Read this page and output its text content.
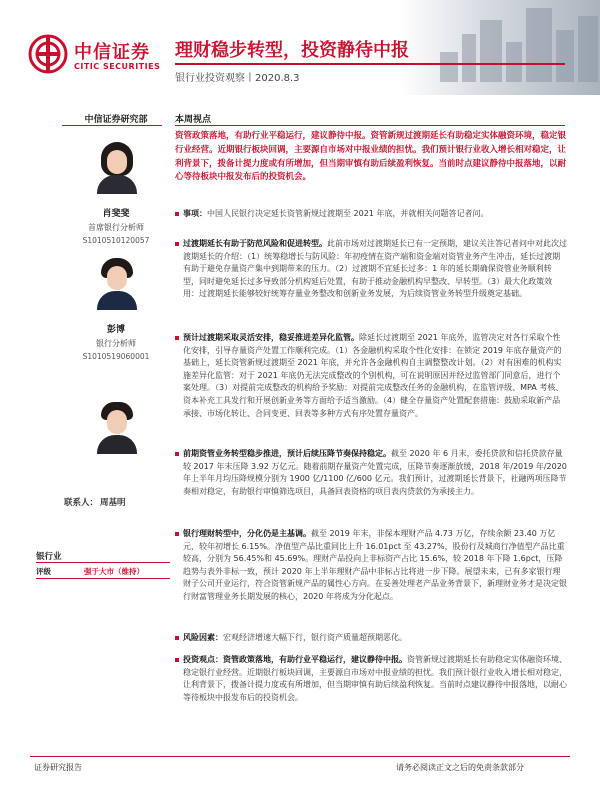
中信证券
CITIC SECURITIES
理财稳步转型，投资静待中报
银行业投资观察丨2020.8.3
中信证券研究部	本周视点
肖斐斐
首席银行分析师
S1010510120057
彭博
银行分析师
S1010519060001
联系人： 周基明
银行业
评级	强于大市（维持）
资管政策落地，有助行业平稳运行，建议静待中报。资管新规过渡期延长有助稳定实体融资环境，稳定银行业经营。近期银行板块回调，主要源自市场对中报业绩的担忧。我们预计银行业收入增长相对稳定，让利背景下，拨备计提力度或有所增加，但当期审慎有助后续盈利恢复。当前时点建议静待中报落地，以耐心等待板块中报发布后的投资机会。
事项：中国人民银行决定延长资管新规过渡期至 2021 年底，并就相关问题答记者问。
过渡期延长有助于防范风险和促进转型。此前市场对过渡期延长已有一定预期，建议关注答记者问中对此次过渡期延长的介绍：（1）统筹稳增长与防风险：年初疫情在资产端和资金端对资管业务产生冲击，延长过渡期有助于避免存量资产集中到期带来的压力。（2）过渡期不宜延长过多：1 年的延长期确保资管业务顺利转型，同时避免延长过多导致部分机构延后处置，有助于推动金融机构早整改、早转型。（3）最大化政策效用：过渡期延长能够较好统筹存量业务整改和创新业务发展，为后续资管业务转型升级奠定基础。
预计过渡期采取灵活安排，稳妥推进差异化监管。除延长过渡期至 2021 年底外，监管决定对各行采取个性化安排，引导存量资产处置工作顺利完成。（1）各金融机构采取个性化安排：在锁定 2019 年底存量资产的基础上，延长资管新规过渡期至 2021 年底，并允许各金融机构自主调整整改计划。（2）对有困难的机构实施差异化监管：对于 2021 年底仍无法完成整改的个别机构，可在说明原因并经过监管部门同意后，进行个案处理。（3）对提前完成整改的机构给予奖励：对提前完成整改任务的金融机构，在监管评级、MPA 考核、资本补充工具发行和开展创新业务等方面给予适当激励。（4）健全存量资产处置配套措施：鼓励采取新产品承接、市场化转让、合同变更、回表等多种方式有序处置存量资产。
前期资管业务转型稳步推进，预计后续压降节奏保持稳定。截至 2020 年 6 月末，委托贷款和信托贷款存量较 2017 年末压降 3.92 万亿元。随着前期存量资产处置完成，压降节奏逐渐放缓，2018 年/2019 年/2020 年上半年月均压降规模分别为 1900 亿/1100 亿/600 亿元。我们预计，过渡期延长背景下，社融两项压降节奏相对稳定，有助银行审慎筛选项目，具备回表资格的项目表内贷款仍为承接主力。
银行理财转型中，分化仍是主基调。截至 2019 年末，非保本理财产品 4.73 万亿，存续余额 23.40 万亿元，较年初增长 6.15%。净值型产品比重同比上升 16.01pct 至 43.27%，股份行及城商行净值型产品比重较高，分别为 56.45%和 45.69%。理财产品投向上非标资产占比 15.6%，较 2018 年下降 1.6pct，压降趋势与表外非标一致，预计 2020 年上半年理财产品中非标占比将进一步下降。展望未来，已有多家银行理财子公司开业运行，符合资管新规产品的属性心方向。在妥善处理老产品业务背景下，新理财业务才是决定银行财富管理业务长期发展的核心，2020 年将成为分化起点。
风险因素：宏观经济增速大幅下行，银行资产质量超预期恶化。
投资观点：资管政策落地，有助行业平稳运行，建议静待中报。资管新规过渡期延长有助稳定实体融资环境、稳定银行业经营。近期银行板块回调，主要源自市场对中报业绩的担忧。我们预计银行业收入增长相对稳定，让利背景下，拨备计提力度或有所增加，但当期审慎有助后续盈利恢复。当前时点建议静待中报落地，以耐心等待板块中报发布后的投资机会。
证券研究报告	请务必阅读正文之后的免责条款部分
